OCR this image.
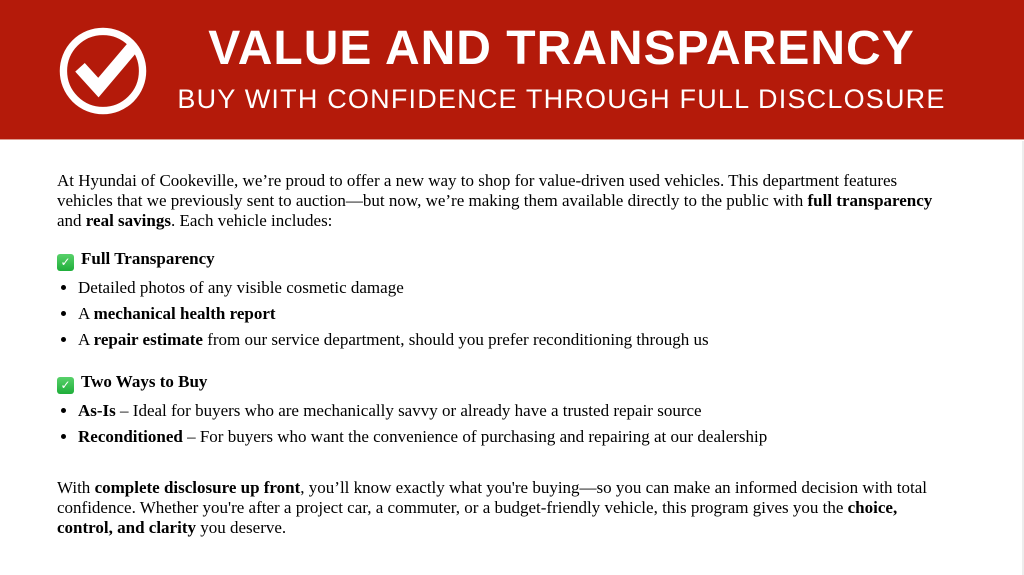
VALUE AND TRANSPARENCY
BUY WITH CONFIDENCE THROUGH FULL DISCLOSURE

At Hyundai of Cookeville, we’re proud to offer a new way to shop for value-driven used vehicles. This department features vehicles that we previously sent to auction—but now, we’re making them available directly to the public with full transparency and real savings. Each vehicle includes:

✓ Full Transparency

• Detailed photos of any visible cosmetic damage
• A mechanical health report
• A repair estimate from our service department, should you prefer reconditioning through us

✓ Two Ways to Buy

• As-Is – Ideal for buyers who are mechanically savvy or already have a trusted repair source
• Reconditioned – For buyers who want the convenience of purchasing and repairing at our dealership

With complete disclosure up front, you’ll know exactly what you're buying—so you can make an informed decision with total confidence. Whether you're after a project car, a commuter, or a budget-friendly vehicle, this program gives you the choice, control, and clarity you deserve.
